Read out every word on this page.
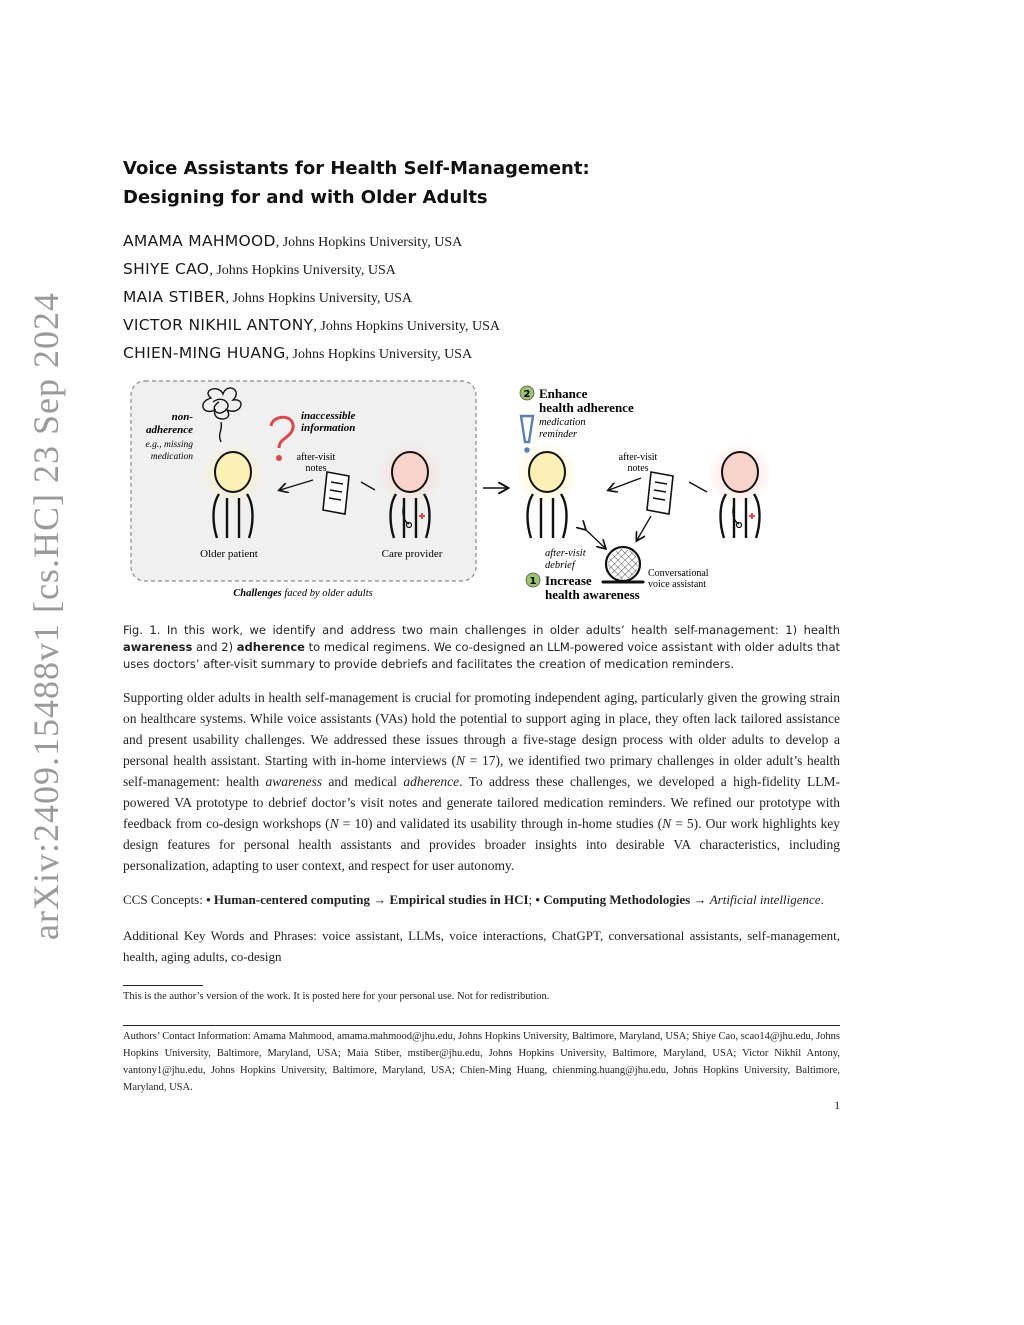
arXiv:2409.15488v1 [cs.HC] 23 Sep 2024
Voice Assistants for Health Self-Management:
Designing for and with Older Adults
AMAMA MAHMOOD, Johns Hopkins University, USA
SHIYE CAO, Johns Hopkins University, USA
MAIA STIBER, Johns Hopkins University, USA
VICTOR NIKHIL ANTONY, Johns Hopkins University, USA
CHIEN-MING HUANG, Johns Hopkins University, USA
non-
adherence
e.g., missing
medication
inaccessible
information
Older patient
after-visit
notes
Care provider
Challenges faced by older adults
2 Enhance
health adherence
medication
reminder
after-visit
notes
after-visit
debrief
1 Increase
health awareness
Conversational
voice assistant
Fig. 1. In this work, we identify and address two main challenges in older adults’ health self-management: 1) health awareness and 2) adherence to medical regimens. We co-designed an LLM-powered voice assistant with older adults that uses doctors’ after-visit summary to provide debriefs and facilitates the creation of medication reminders.
Supporting older adults in health self-management is crucial for promoting independent aging, particularly given the growing strain on healthcare systems. While voice assistants (VAs) hold the potential to support aging in place, they often lack tailored assistance and present usability challenges. We addressed these issues through a five-stage design process with older adults to develop a personal health assistant. Starting with in-home interviews (N = 17), we identified two primary challenges in older adult’s health self-management: health awareness and medical adherence. To address these challenges, we developed a high-fidelity LLM-powered VA prototype to debrief doctor’s visit notes and generate tailored medication reminders. We refined our prototype with feedback from co-design workshops (N = 10) and validated its usability through in-home studies (N = 5). Our work highlights key design features for personal health assistants and provides broader insights into desirable VA characteristics, including personalization, adapting to user context, and respect for user autonomy.
CCS Concepts: • Human-centered computing → Empirical studies in HCI; • Computing Methodologies → Artificial intelligence.
Additional Key Words and Phrases: voice assistant, LLMs, voice interactions, ChatGPT, conversational assistants, self-management, health, aging adults, co-design
This is the author’s version of the work. It is posted here for your personal use. Not for redistribution.
Authors’ Contact Information: Amama Mahmood, amama.mahmood@jhu.edu, Johns Hopkins University, Baltimore, Maryland, USA; Shiye Cao, scao14@jhu.edu, Johns Hopkins University, Baltimore, Maryland, USA; Maia Stiber, mstiber@jhu.edu, Johns Hopkins University, Baltimore, Maryland, USA; Victor Nikhil Antony, vantony1@jhu.edu, Johns Hopkins University, Baltimore, Maryland, USA; Chien-Ming Huang, chienming.huang@jhu.edu, Johns Hopkins University, Baltimore, Maryland, USA.
1
